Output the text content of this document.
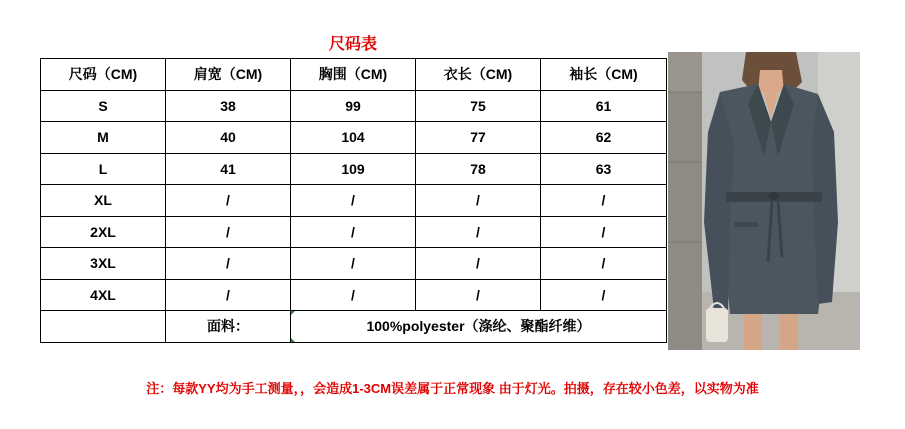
尺码表
尺码（CM)	肩宽（CM)	胸围（CM)	衣长（CM)	袖长（CM)
S	38	99	75	61
M	40	104	77	62
L	41	109	78	63
XL	/	/	/	/
2XL	/	/	/	/
3XL	/	/	/	/
4XL	/	/	/	/
	面料：	100%polyester（涤纶、聚酯纤维）		
注：每款YY均为手工测量，，会造成1-3CM误差属于正常现象 由于灯光。拍摄，存在较小色差，以实物为准
